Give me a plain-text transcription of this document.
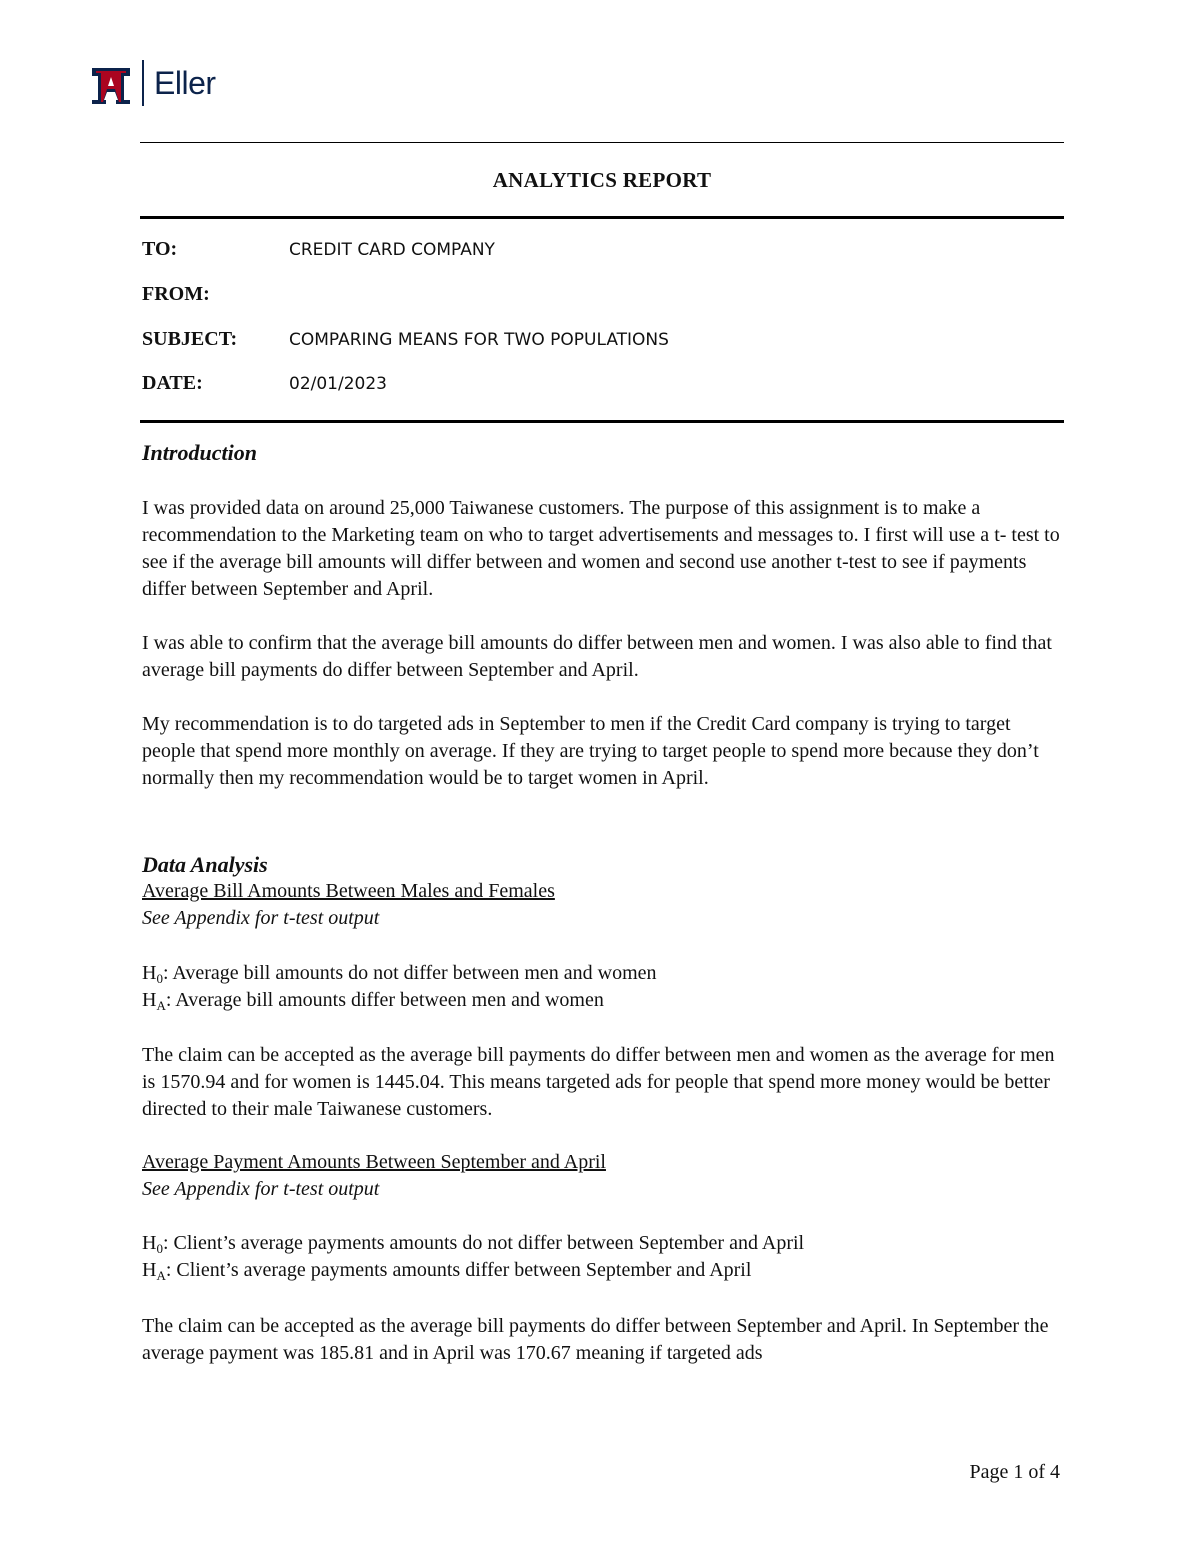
Eller
ANALYTICS REPORT
TO:	CREDIT CARD COMPANY
FROM:
SUBJECT:	COMPARING MEANS FOR TWO POPULATIONS
DATE:	02/01/2023
Introduction
I was provided data on around 25,000 Taiwanese customers. The purpose of this assignment is to make a recommendation to the Marketing team on who to target advertisements and messages to. I first will use a t- test to see if the average bill amounts will differ between and women and second use another t-test to see if payments differ between September and April.
I was able to confirm that the average bill amounts do differ between men and women. I was also able to find that average bill payments do differ between September and April.
My recommendation is to do targeted ads in September to men if the Credit Card company is trying to target people that spend more monthly on average. If they are trying to target people to spend more because they don’t normally then my recommendation would be to target women in April.
Data Analysis
Average Bill Amounts Between Males and Females
See Appendix for t-test output
$H_0$: Average bill amounts do not differ between men and women
$H_A$: Average bill amounts differ between men and women
The claim can be accepted as the average bill payments do differ between men and women as the average for men is 1570.94 and for women is 1445.04. This means targeted ads for people that spend more money would be better directed to their male Taiwanese customers.
Average Payment Amounts Between September and April
See Appendix for t-test output
$H_0$: Client’s average payments amounts do not differ between September and April
$H_A$: Client’s average payments amounts differ between September and April
The claim can be accepted as the average bill payments do differ between September and April. In September the average payment was 185.81 and in April was 170.67 meaning if targeted ads
Page 1 of 4
